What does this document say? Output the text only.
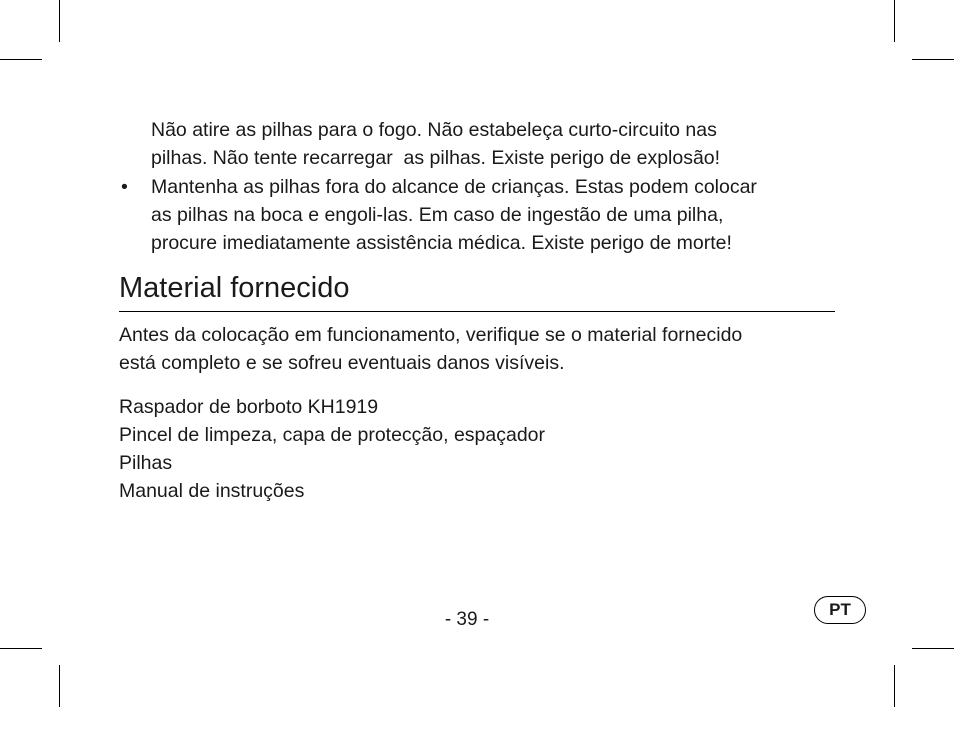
Não atire as pilhas para o fogo. Não estabeleça curto-circuito nas
pilhas. Não tente recarregar  as pilhas. Existe perigo de explosão!
• Mantenha as pilhas fora do alcance de crianças. Estas podem colocar
as pilhas na boca e engoli-las. Em caso de ingestão de uma pilha,
procure imediatamente assistência médica. Existe perigo de morte!
Material fornecido
Antes da colocação em funcionamento, verifique se o material fornecido
está completo e se sofreu eventuais danos visíveis.
Raspador de borboto KH1919
Pincel de limpeza, capa de protecção, espaçador
Pilhas
Manual de instruções
- 39 -	PT
